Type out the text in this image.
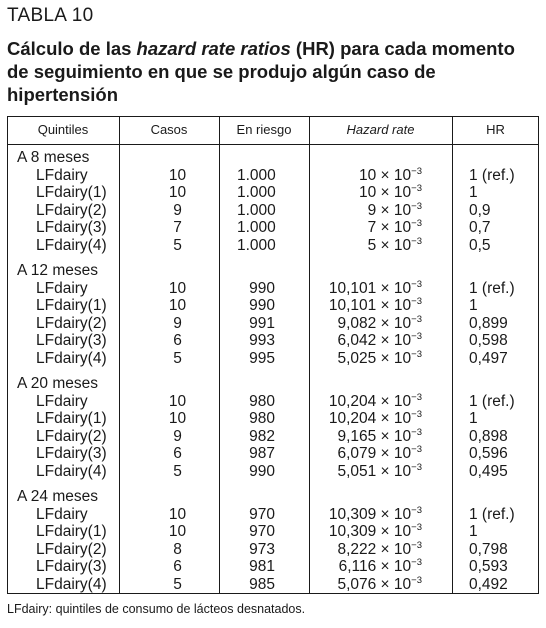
TABLA 10
Cálculo de las hazard rate ratios (HR) para cada momento de seguimiento en que se produjo algún caso de hipertensión
Quintiles	Casos	En riesgo	Hazard rate	HR
A 8 meses
LFdairy	10	1.000	$10 \times 10^{-3}$	1 (ref.)
LFdairy(1)	10	1.000	$10 \times 10^{-3}$	1
LFdairy(2)	9	1.000	$9 \times 10^{-3}$	0,9
LFdairy(3)	7	1.000	$7 \times 10^{-3}$	0,7
LFdairy(4)	5	1.000	$5 \times 10^{-3}$	0,5
A 12 meses
LFdairy	10	990	$10,101 \times 10^{-3}$	1 (ref.)
LFdairy(1)	10	990	$10,101 \times 10^{-3}$	1
LFdairy(2)	9	991	$9,082 \times 10^{-3}$	0,899
LFdairy(3)	6	993	$6,042 \times 10^{-3}$	0,598
LFdairy(4)	5	995	$5,025 \times 10^{-3}$	0,497
A 20 meses
LFdairy	10	980	$10,204 \times 10^{-3}$	1 (ref.)
LFdairy(1)	10	980	$10,204 \times 10^{-3}$	1
LFdairy(2)	9	982	$9,165 \times 10^{-3}$	0,898
LFdairy(3)	6	987	$6,079 \times 10^{-3}$	0,596
LFdairy(4)	5	990	$5,051 \times 10^{-3}$	0,495
A 24 meses
LFdairy	10	970	$10,309 \times 10^{-3}$	1 (ref.)
LFdairy(1)	10	970	$10,309 \times 10^{-3}$	1
LFdairy(2)	8	973	$8,222 \times 10^{-3}$	0,798
LFdairy(3)	6	981	$6,116 \times 10^{-3}$	0,593
LFdairy(4)	5	985	$5,076 \times 10^{-3}$	0,492
LFdairy: quintiles de consumo de lácteos desnatados.
